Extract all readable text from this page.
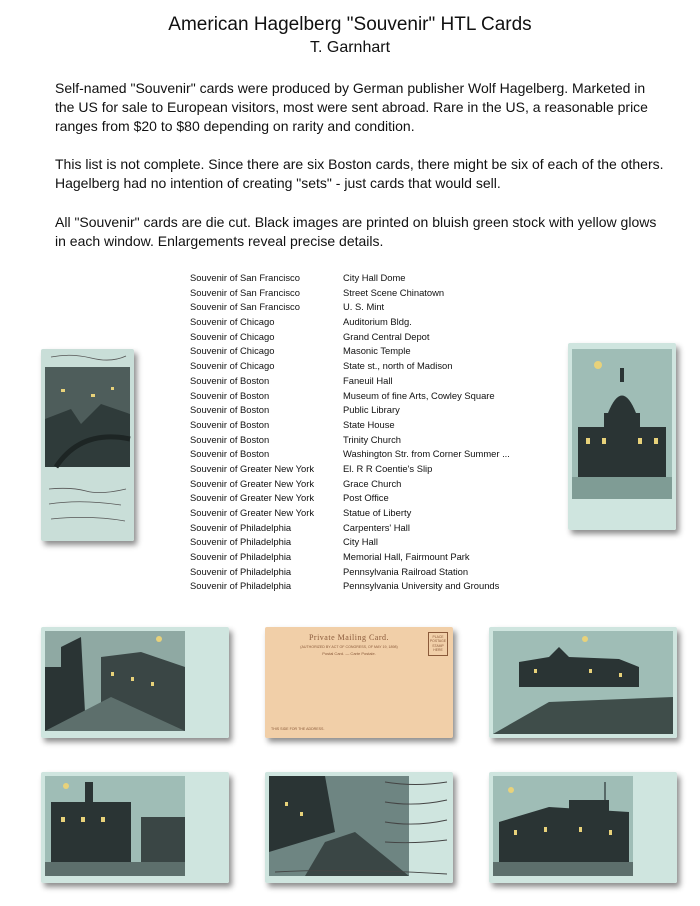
American Hagelberg "Souvenir" HTL Cards
T. Garnhart

Self-named "Souvenir" cards were produced by German publisher Wolf Hagelberg. Marketed in the US for sale to European visitors, most were sent abroad. Rare in the US, a reasonable price ranges from $20 to $80 depending on rarity and condition.

This list is not complete. Since there are six Boston cards, there might be six of each of the others. Hagelberg had no intention of creating "sets" - just cards that would sell.

All "Souvenir" cards are die cut. Black images are printed on bluish green stock with yellow glows in each window. Enlargements reveal precise details.

Souvenir of San Francisco	City Hall Dome
Souvenir of San Francisco	Street Scene Chinatown
Souvenir of San Francisco	U. S. Mint
Souvenir of Chicago	Auditorium Bldg.
Souvenir of Chicago	Grand Central Depot
Souvenir of Chicago	Masonic Temple
Souvenir of Chicago	State st., north of Madison
Souvenir of Boston	Faneuil Hall
Souvenir of Boston	Museum of fine Arts, Cowley Square
Souvenir of Boston	Public Library
Souvenir of Boston	State House
Souvenir of Boston	Trinity Church
Souvenir of Boston	Washington Str. from Corner Summer ...
Souvenir of Greater New York	El. R R Coentie's Slip
Souvenir of Greater New York	Grace Church
Souvenir of Greater New York	Post Office
Souvenir of Greater New York	Statue of Liberty
Souvenir of Philadelphia	Carpenters' Hall
Souvenir of Philadelphia	City Hall
Souvenir of Philadelphia	Memorial Hall, Fairmount Park
Souvenir of Philadelphia	Pennsylvania Railroad Station
Souvenir of Philadelphia	Pennsylvania University and Grounds
Private Mailing Card.
(AUTHORIZED BY ACT OF CONGRESS, OF MAY 19, 1898)
Postal Card. — Carte Postale.
PLACE POSTAGE STAMP HERE
THIS SIDE FOR THE ADDRESS.
